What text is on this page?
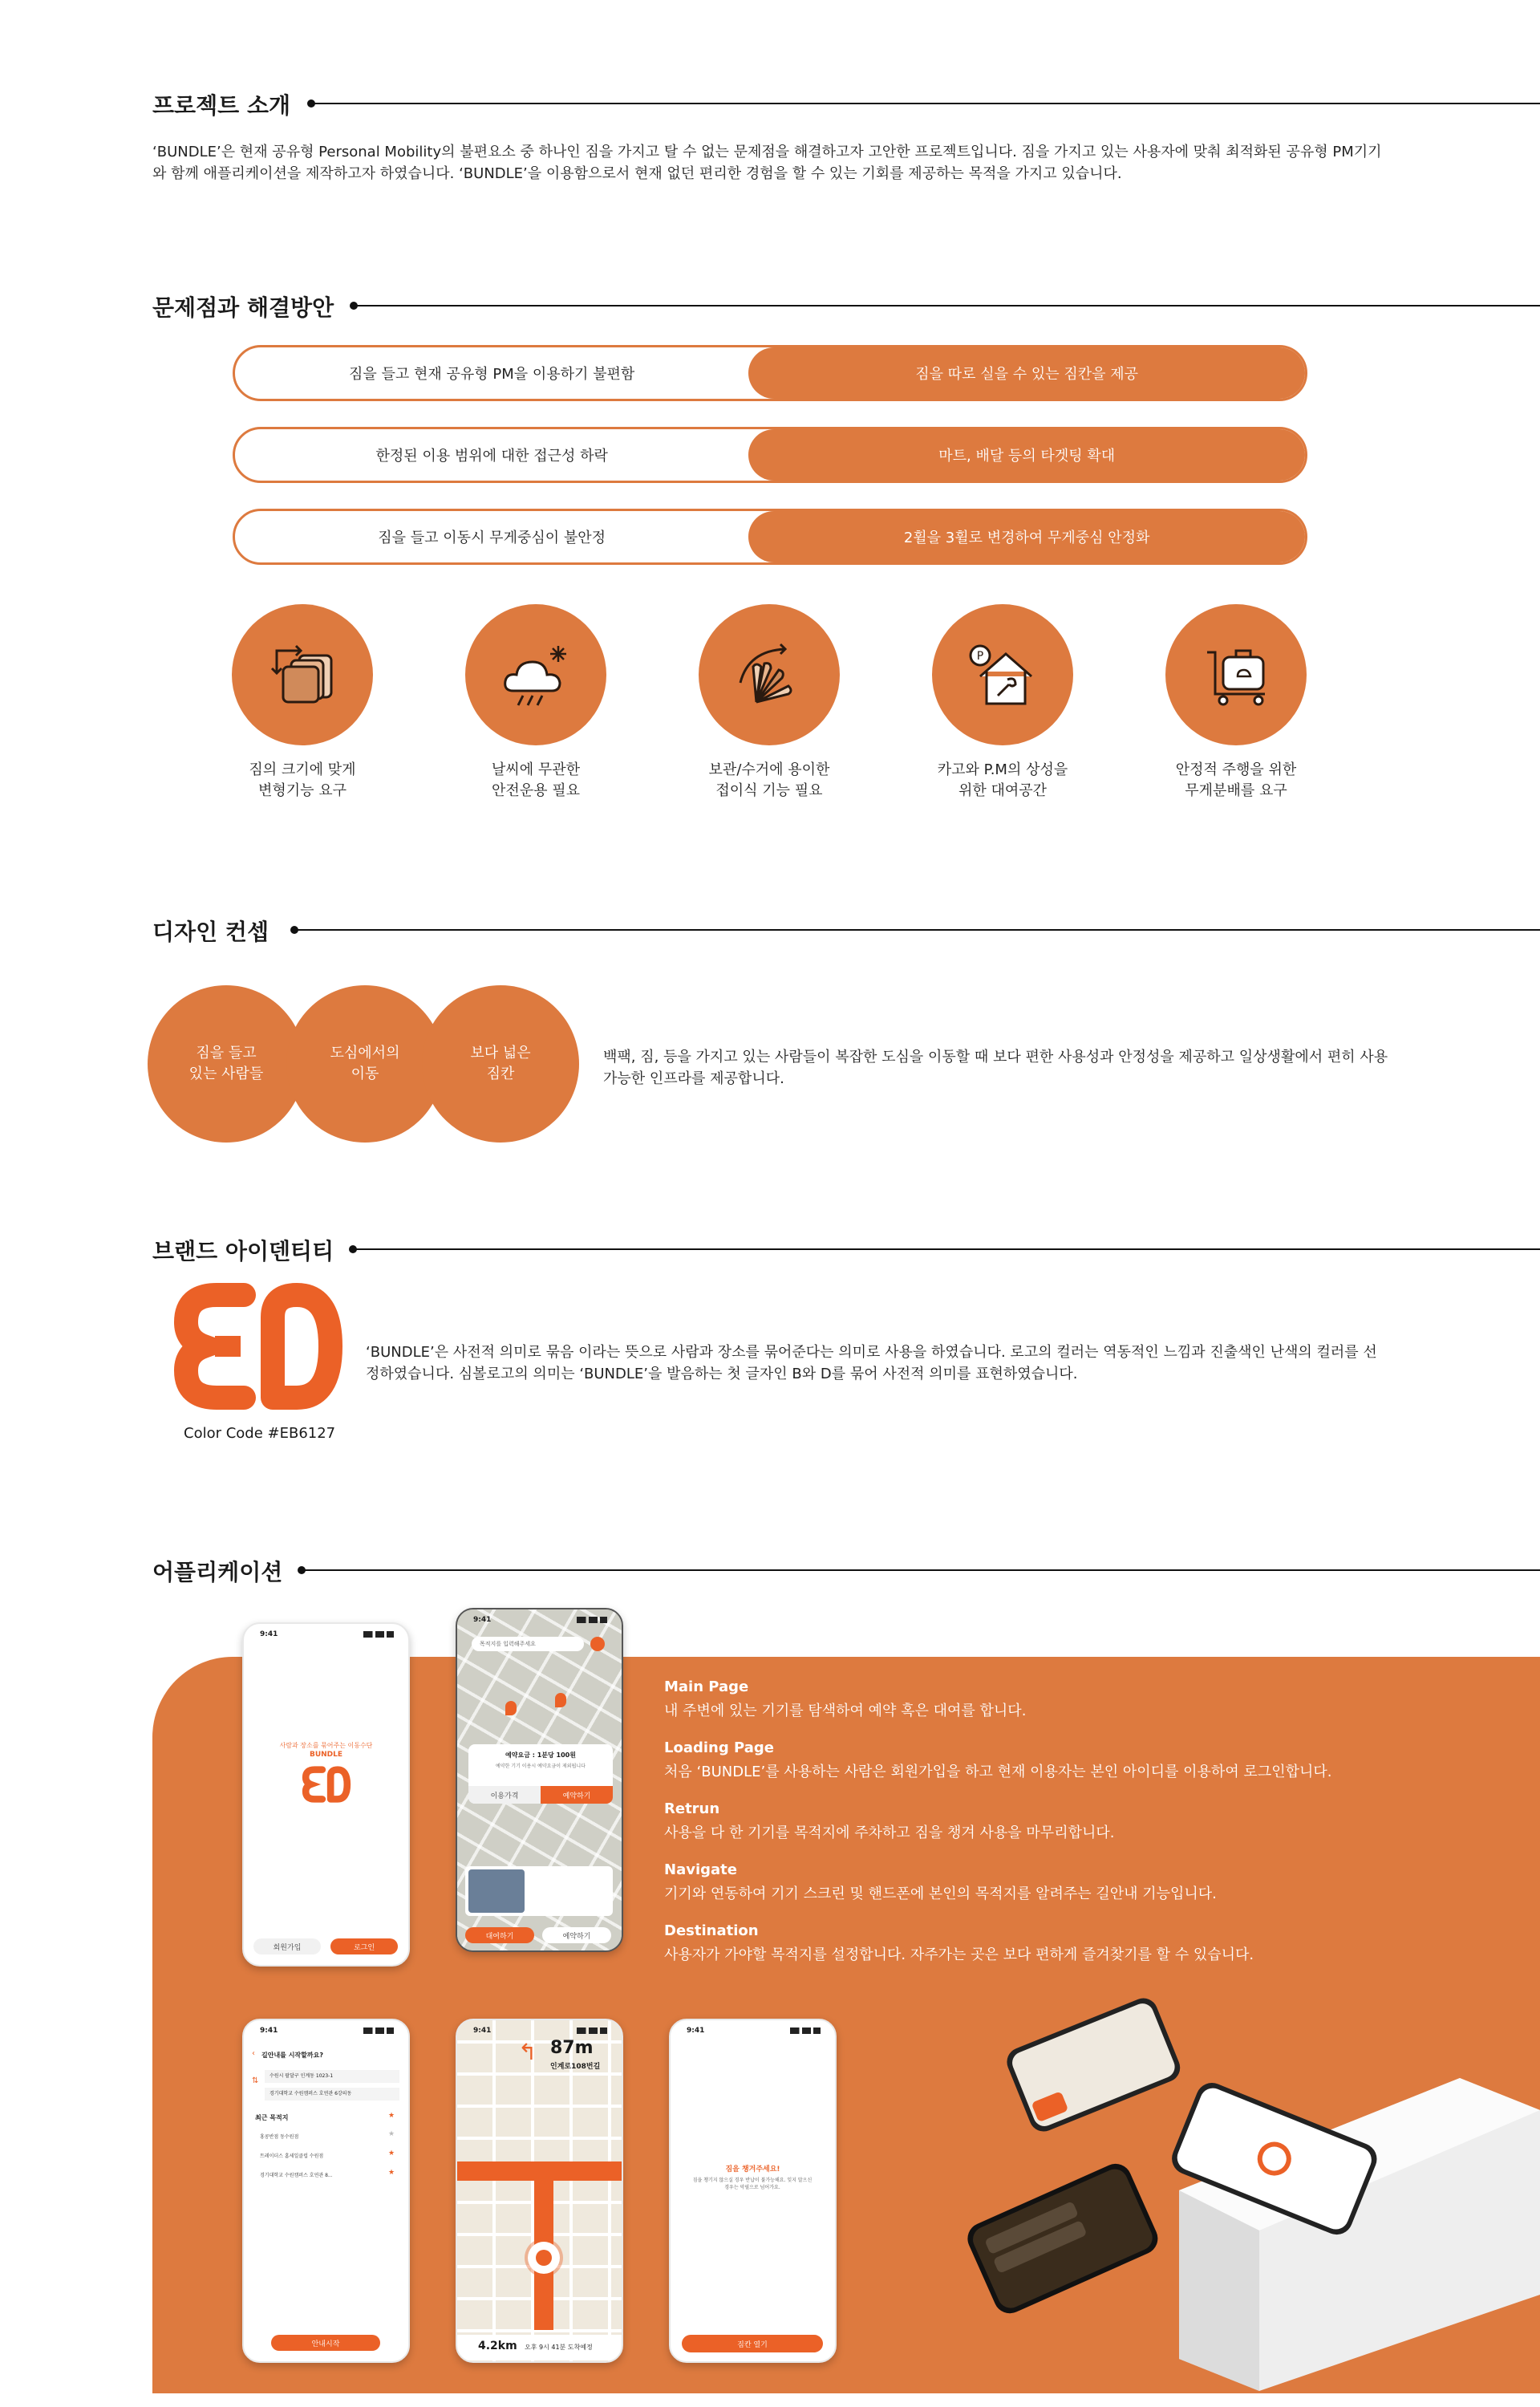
프로젝트 소개
‘BUNDLE’은 현재 공유형 Personal Mobility의 불편요소 중 하나인 짐을 가지고 탈 수 없는 문제점을 해결하고자 고안한 프로젝트입니다. 짐을 가지고 있는 사용자에 맞춰 최적화된 공유형 PM기기와 함께 애플리케이션을 제작하고자 하였습니다. ‘BUNDLE’을 이용함으로서 현재 없던 편리한 경험을 할 수 있는 기회를 제공하는 목적을 가지고 있습니다.
문제점과 해결방안
짐을 들고 현재 공유형 PM을 이용하기 불편함	짐을 따로 실을 수 있는 짐칸을 제공
한정된 이용 범위에 대한 접근성 하락	마트, 배달 등의 타겟팅 확대
짐을 들고 이동시 무게중심이 불안정	2휠을 3휠로 변경하여 무게중심 안정화
짐의 크기에 맞게
변형기능 요구
날씨에 무관한
안전운용 필요
보관/수거에 용이한
접이식 기능 필요
P
카고와 P.M의 상성을
위한 대여공간
안정적 주행을 위한
무게분배를 요구
디자인 컨셉
짐을 들고
있는 사람들
도심에서의
이동
보다 넓은
짐칸
백팩, 짐, 등을 가지고 있는 사람들이 복잡한 도심을 이동할 때 보다 편한 사용성과 안정성을 제공하고 일상생활에서 편히 사용가능한 인프라를 제공합니다.
브랜드 아이덴티티
Color Code #EB6127
‘BUNDLE’은 사전적 의미로 묶음 이라는 뜻으로 사람과 장소를 묶어준다는 의미로 사용을 하였습니다. 로고의 컬러는 역동적인 느낌과 진출색인 난색의 컬러를 선정하였습니다. 심볼로고의 의미는 ‘BUNDLE’을 발음하는 첫 글자인 B와 D를 묶어 사전적 의미를 표현하였습니다.
어플리케이션
Main Page
내 주변에 있는 기기를 탐색하여 예약 혹은 대여를 합니다.
Loading Page
처음 ‘BUNDLE’를 사용하는 사람은 회원가입을 하고 현재 이용자는 본인 아이디를 이용하여 로그인합니다.
Retrun
사용을 다 한 기기를 목적지에 주차하고 짐을 챙겨 사용을 마무리합니다.
Navigate
기기와 연동하여 기기 스크린 및 핸드폰에 본인의 목적지를 알려주는 길안내 기능입니다.
Destination
사용자가 가야할 목적지를 설정합니다. 자주가는 곳은 보다 편하게 즐겨찾기를 할 수 있습니다.
9:41
사람과 장소를 묶어주는 이동수단
BUNDLE
회원가입	로그인
9:41
목적지를 입력해주세요
예약요금 : 1분당 100원
예약한 기기 이용시 예약요금이 제외됩니다
이용가격	예약하기
대여하기	예약하기
9:41
‹ 길안내를 시작할까요?
수원시 팔달구 인계동 1023-1
경기대학교 수원캠퍼스 호연관 6강의동
⇅
최근 목적지	★
홍콩반점 동수원점	★
트레이더스 홈세일클럽 수원점	★
경기대학교 수원캠퍼스 호연관 8...	★
안내시작
9:41
↰ 87m
인계로108번길
4.2km 오후 9시 41분 도착예정
9:41
짐을 챙겨주세요!
짐을 챙기지 않으실 경우 반납이 불가능해요. 잊지 말으신 경우는 악필으로 넘어가요.
짐칸 열기
